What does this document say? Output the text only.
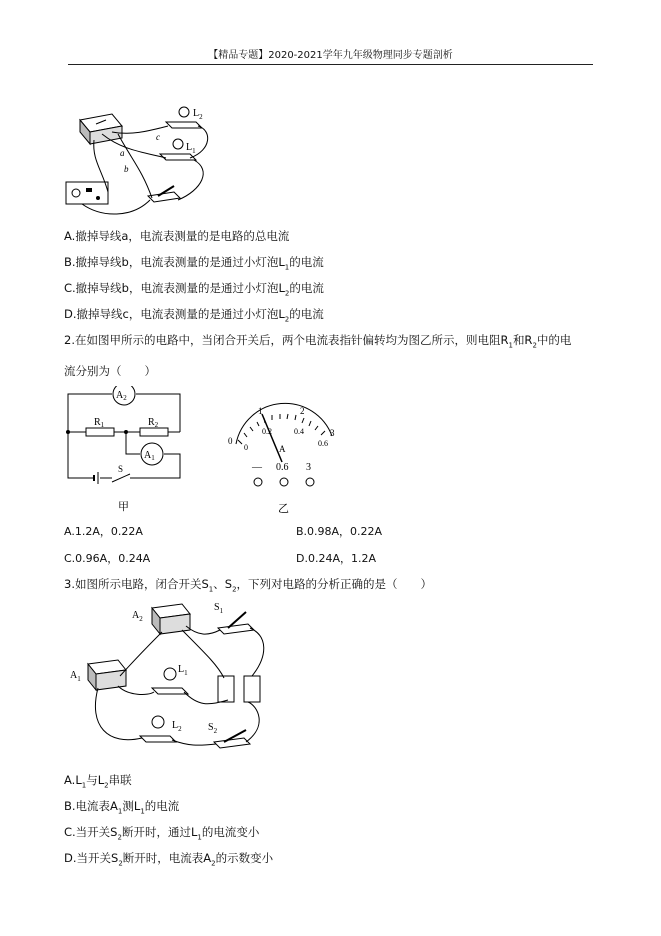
【精品专题】2020-2021学年九年级物理同步专题剖析
$L_2$
$L_1$
a
b
c
A.撤掉导线a，电流表测量的是电路的总电流
B.撤掉导线b，电流表测量的是通过小灯泡$L_1$的电流
C.撤掉导线b，电流表测量的是通过小灯泡$L_2$的电流
D.撤掉导线c，电流表测量的是通过小灯泡$L_2$的电流
2.在如图甲所示的电路中，当闭合开关后，两个电流表指针偏转均为图乙所示，则电阻$R_1$和$R_2$中的电
流分别为（　　）
$A_2$
$A_1$
$R_1$	$R_2$
S
甲
0
1	2
3
0
0.2	0.4
0.6
A
— 0.6 3
乙
A.1.2A，0.22A	B.0.98A，0.22A
C.0.96A，0.24A	D.0.24A，1.2A
3.如图所示电路，闭合开关$S_1$、$S_2$，下列对电路的分析正确的是（　　）
$A_2$
$S_1$
$A_1$
$L_1$
$L_2$	$S_2$
$A.L_1$与$L_2$串联
B.电流表$A_1$测$L_1$的电流
C.当开关$S_2$断开时，通过$L_1$的电流变小
D.当开关$S_2$断开时，电流表$A_2$的示数变小
